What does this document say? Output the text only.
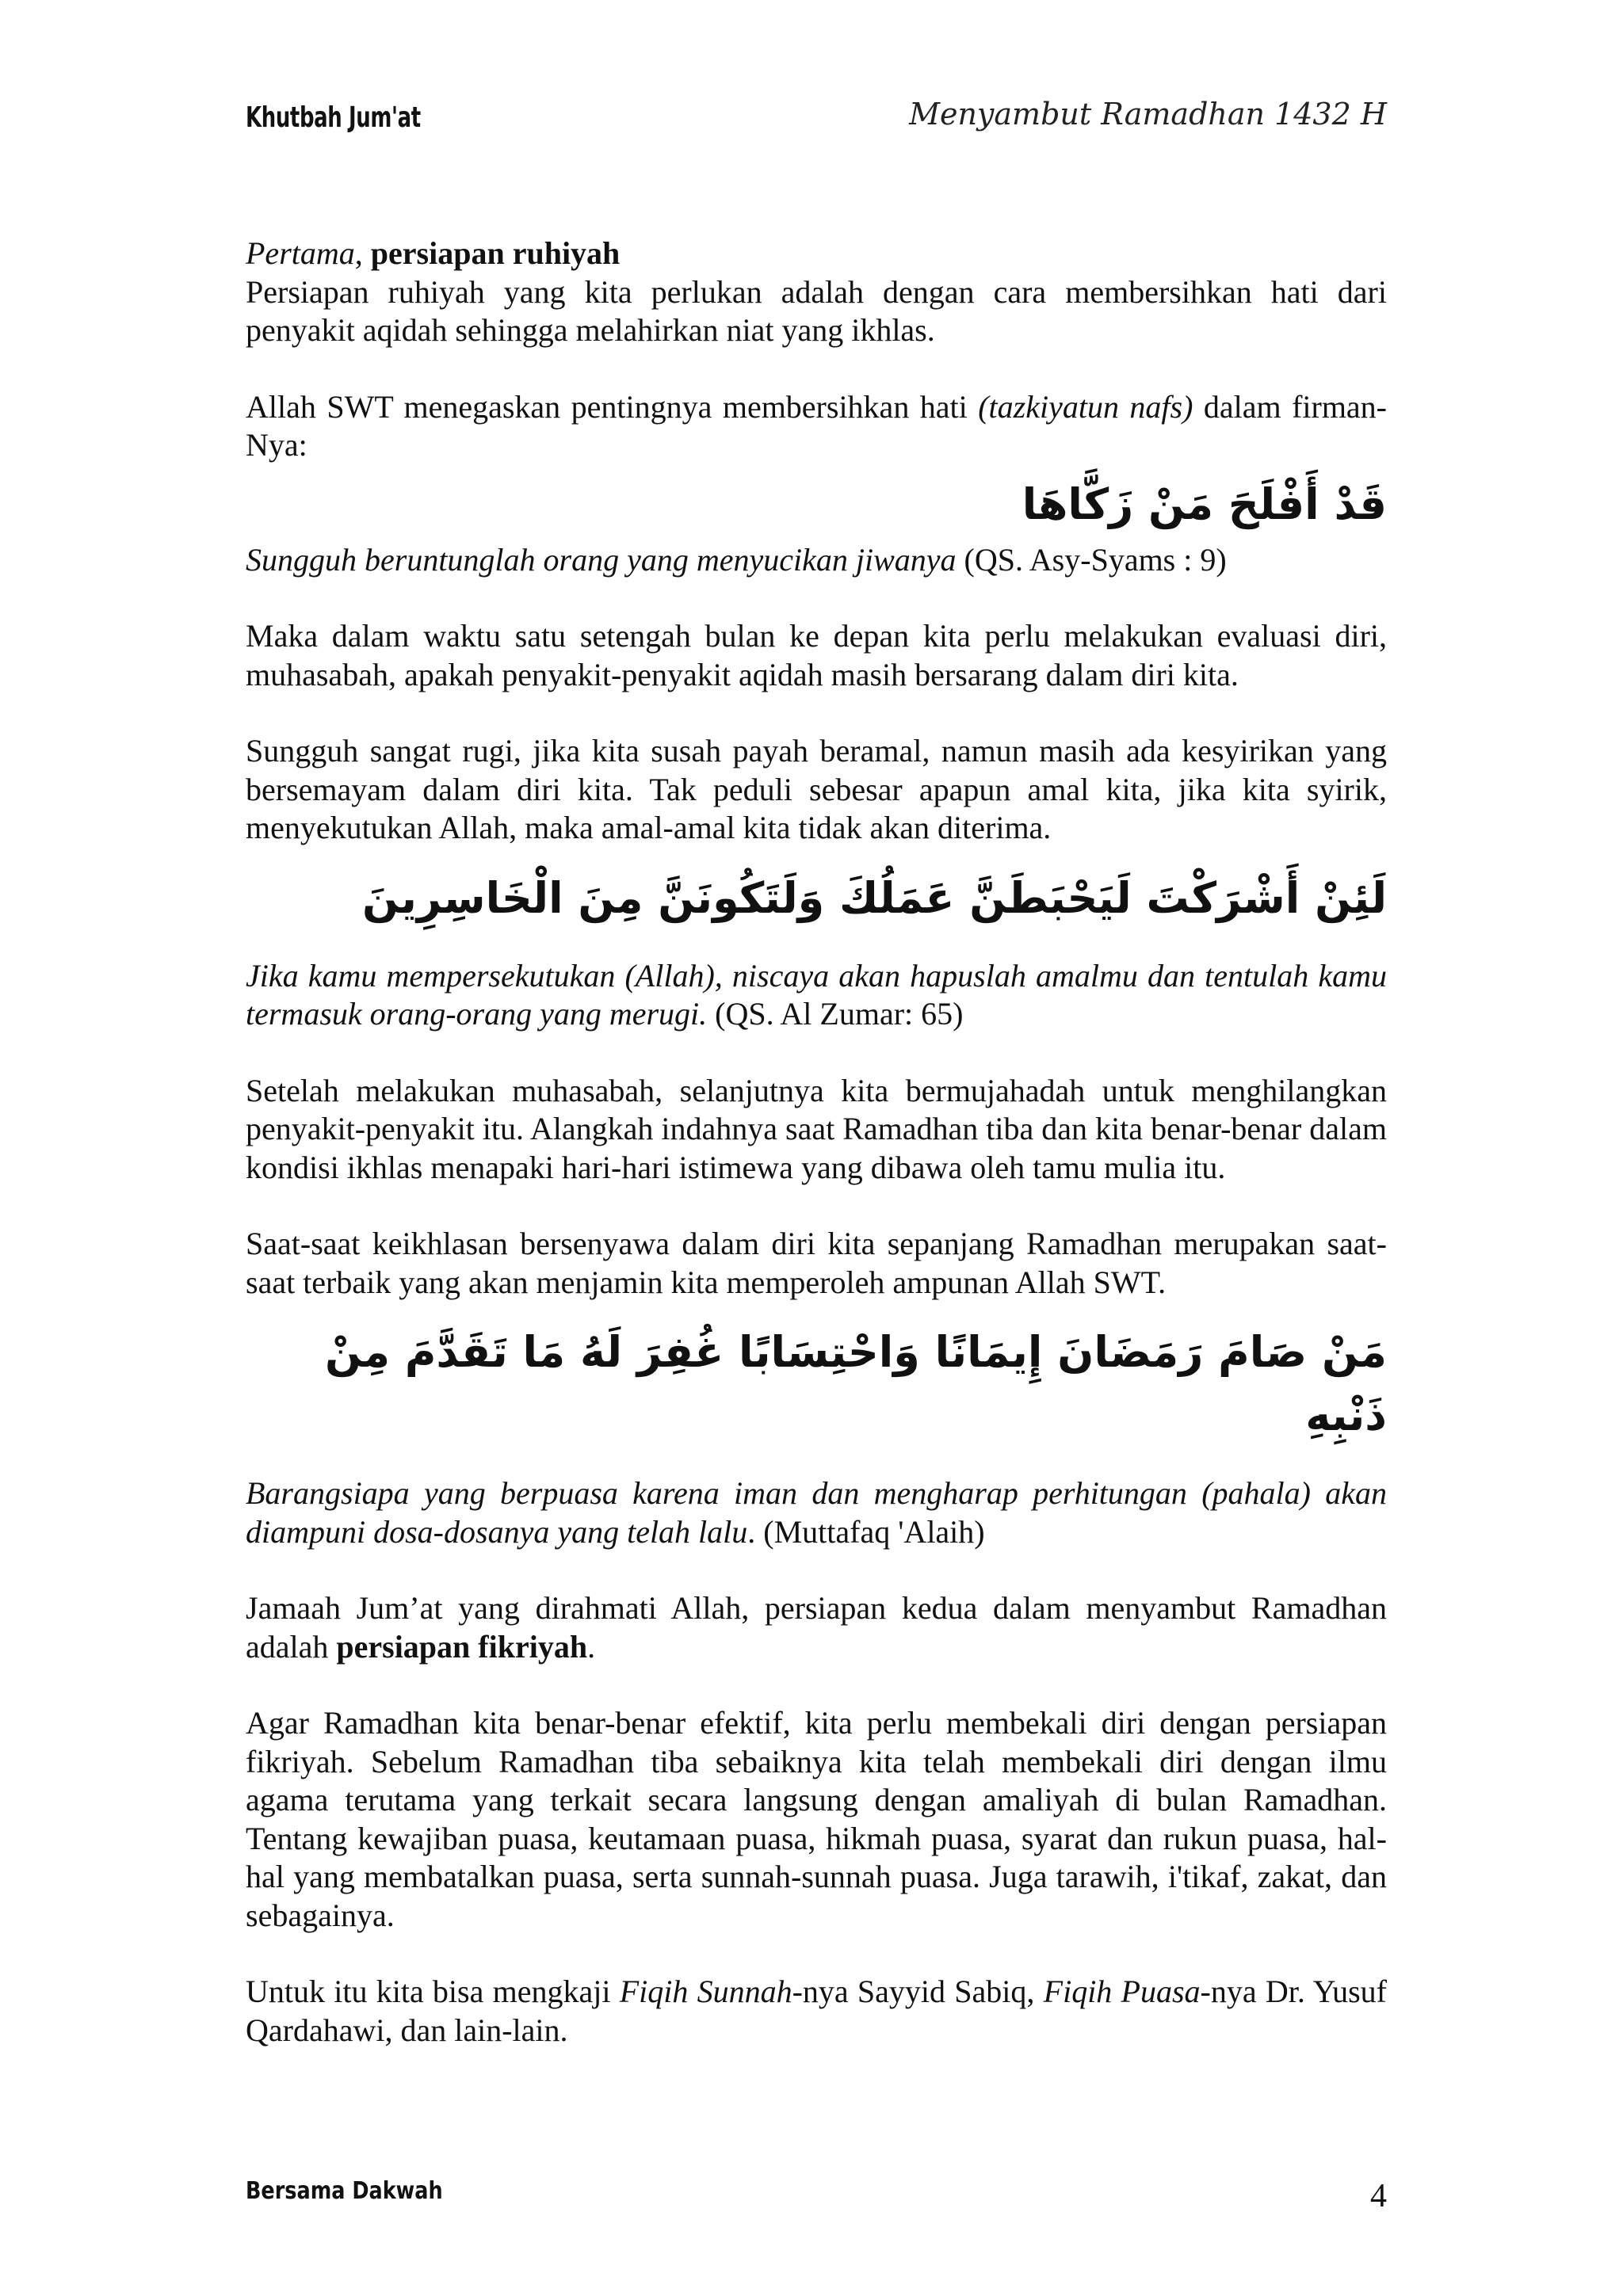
Khutbah Jum'at	Menyambut Ramadhan 1432 H

Pertama, persiapan ruhiyah

Persiapan ruhiyah yang kita perlukan adalah dengan cara membersihkan hati dari penyakit aqidah sehingga melahirkan niat yang ikhlas.

Allah SWT menegaskan pentingnya membersihkan hati (tazkiyatun nafs) dalam firman-Nya:

قَدْ أَفْلَحَ مَنْ زَكَّاهَا

Sungguh beruntunglah orang yang menyucikan jiwanya (QS. Asy-Syams : 9)

Maka dalam waktu satu setengah bulan ke depan kita perlu melakukan evaluasi diri, muhasabah, apakah penyakit-penyakit aqidah masih bersarang dalam diri kita.

Sungguh sangat rugi, jika kita susah payah beramal, namun masih ada kesyirikan yang bersemayam dalam diri kita. Tak peduli sebesar apapun amal kita, jika kita syirik, menyekutukan Allah, maka amal-amal kita tidak akan diterima.

لَئِنْ أَشْرَكْتَ لَيَحْبَطَنَّ عَمَلُكَ وَلَتَكُونَنَّ مِنَ الْخَاسِرِينَ

Jika kamu mempersekutukan (Allah), niscaya akan hapuslah amalmu dan tentulah kamu termasuk orang-orang yang merugi. (QS. Al Zumar: 65)

Setelah melakukan muhasabah, selanjutnya kita bermujahadah untuk menghilangkan penyakit-penyakit itu. Alangkah indahnya saat Ramadhan tiba dan kita benar-benar dalam kondisi ikhlas menapaki hari-hari istimewa yang dibawa oleh tamu mulia itu.

Saat-saat keikhlasan bersenyawa dalam diri kita sepanjang Ramadhan merupakan saat-saat terbaik yang akan menjamin kita memperoleh ampunan Allah SWT.

مَنْ صَامَ رَمَضَانَ إِيمَانًا وَاحْتِسَابًا غُفِرَ لَهُ مَا تَقَدَّمَ مِنْ ذَنْبِهِ

Barangsiapa yang berpuasa karena iman dan mengharap perhitungan (pahala) akan diampuni dosa-dosanya yang telah lalu. (Muttafaq 'Alaih)

Jamaah Jum’at yang dirahmati Allah, persiapan kedua dalam menyambut Ramadhan adalah persiapan fikriyah.

Agar Ramadhan kita benar-benar efektif, kita perlu membekali diri dengan persiapan fikriyah. Sebelum Ramadhan tiba sebaiknya kita telah membekali diri dengan ilmu agama terutama yang terkait secara langsung dengan amaliyah di bulan Ramadhan. Tentang kewajiban puasa, keutamaan puasa, hikmah puasa, syarat dan rukun puasa, hal-hal yang membatalkan puasa, serta sunnah-sunnah puasa. Juga tarawih, i'tikaf, zakat, dan sebagainya.

Untuk itu kita bisa mengkaji Fiqih Sunnah-nya Sayyid Sabiq, Fiqih Puasa-nya Dr. Yusuf Qardahawi, dan lain-lain.

Bersama Dakwah	4
